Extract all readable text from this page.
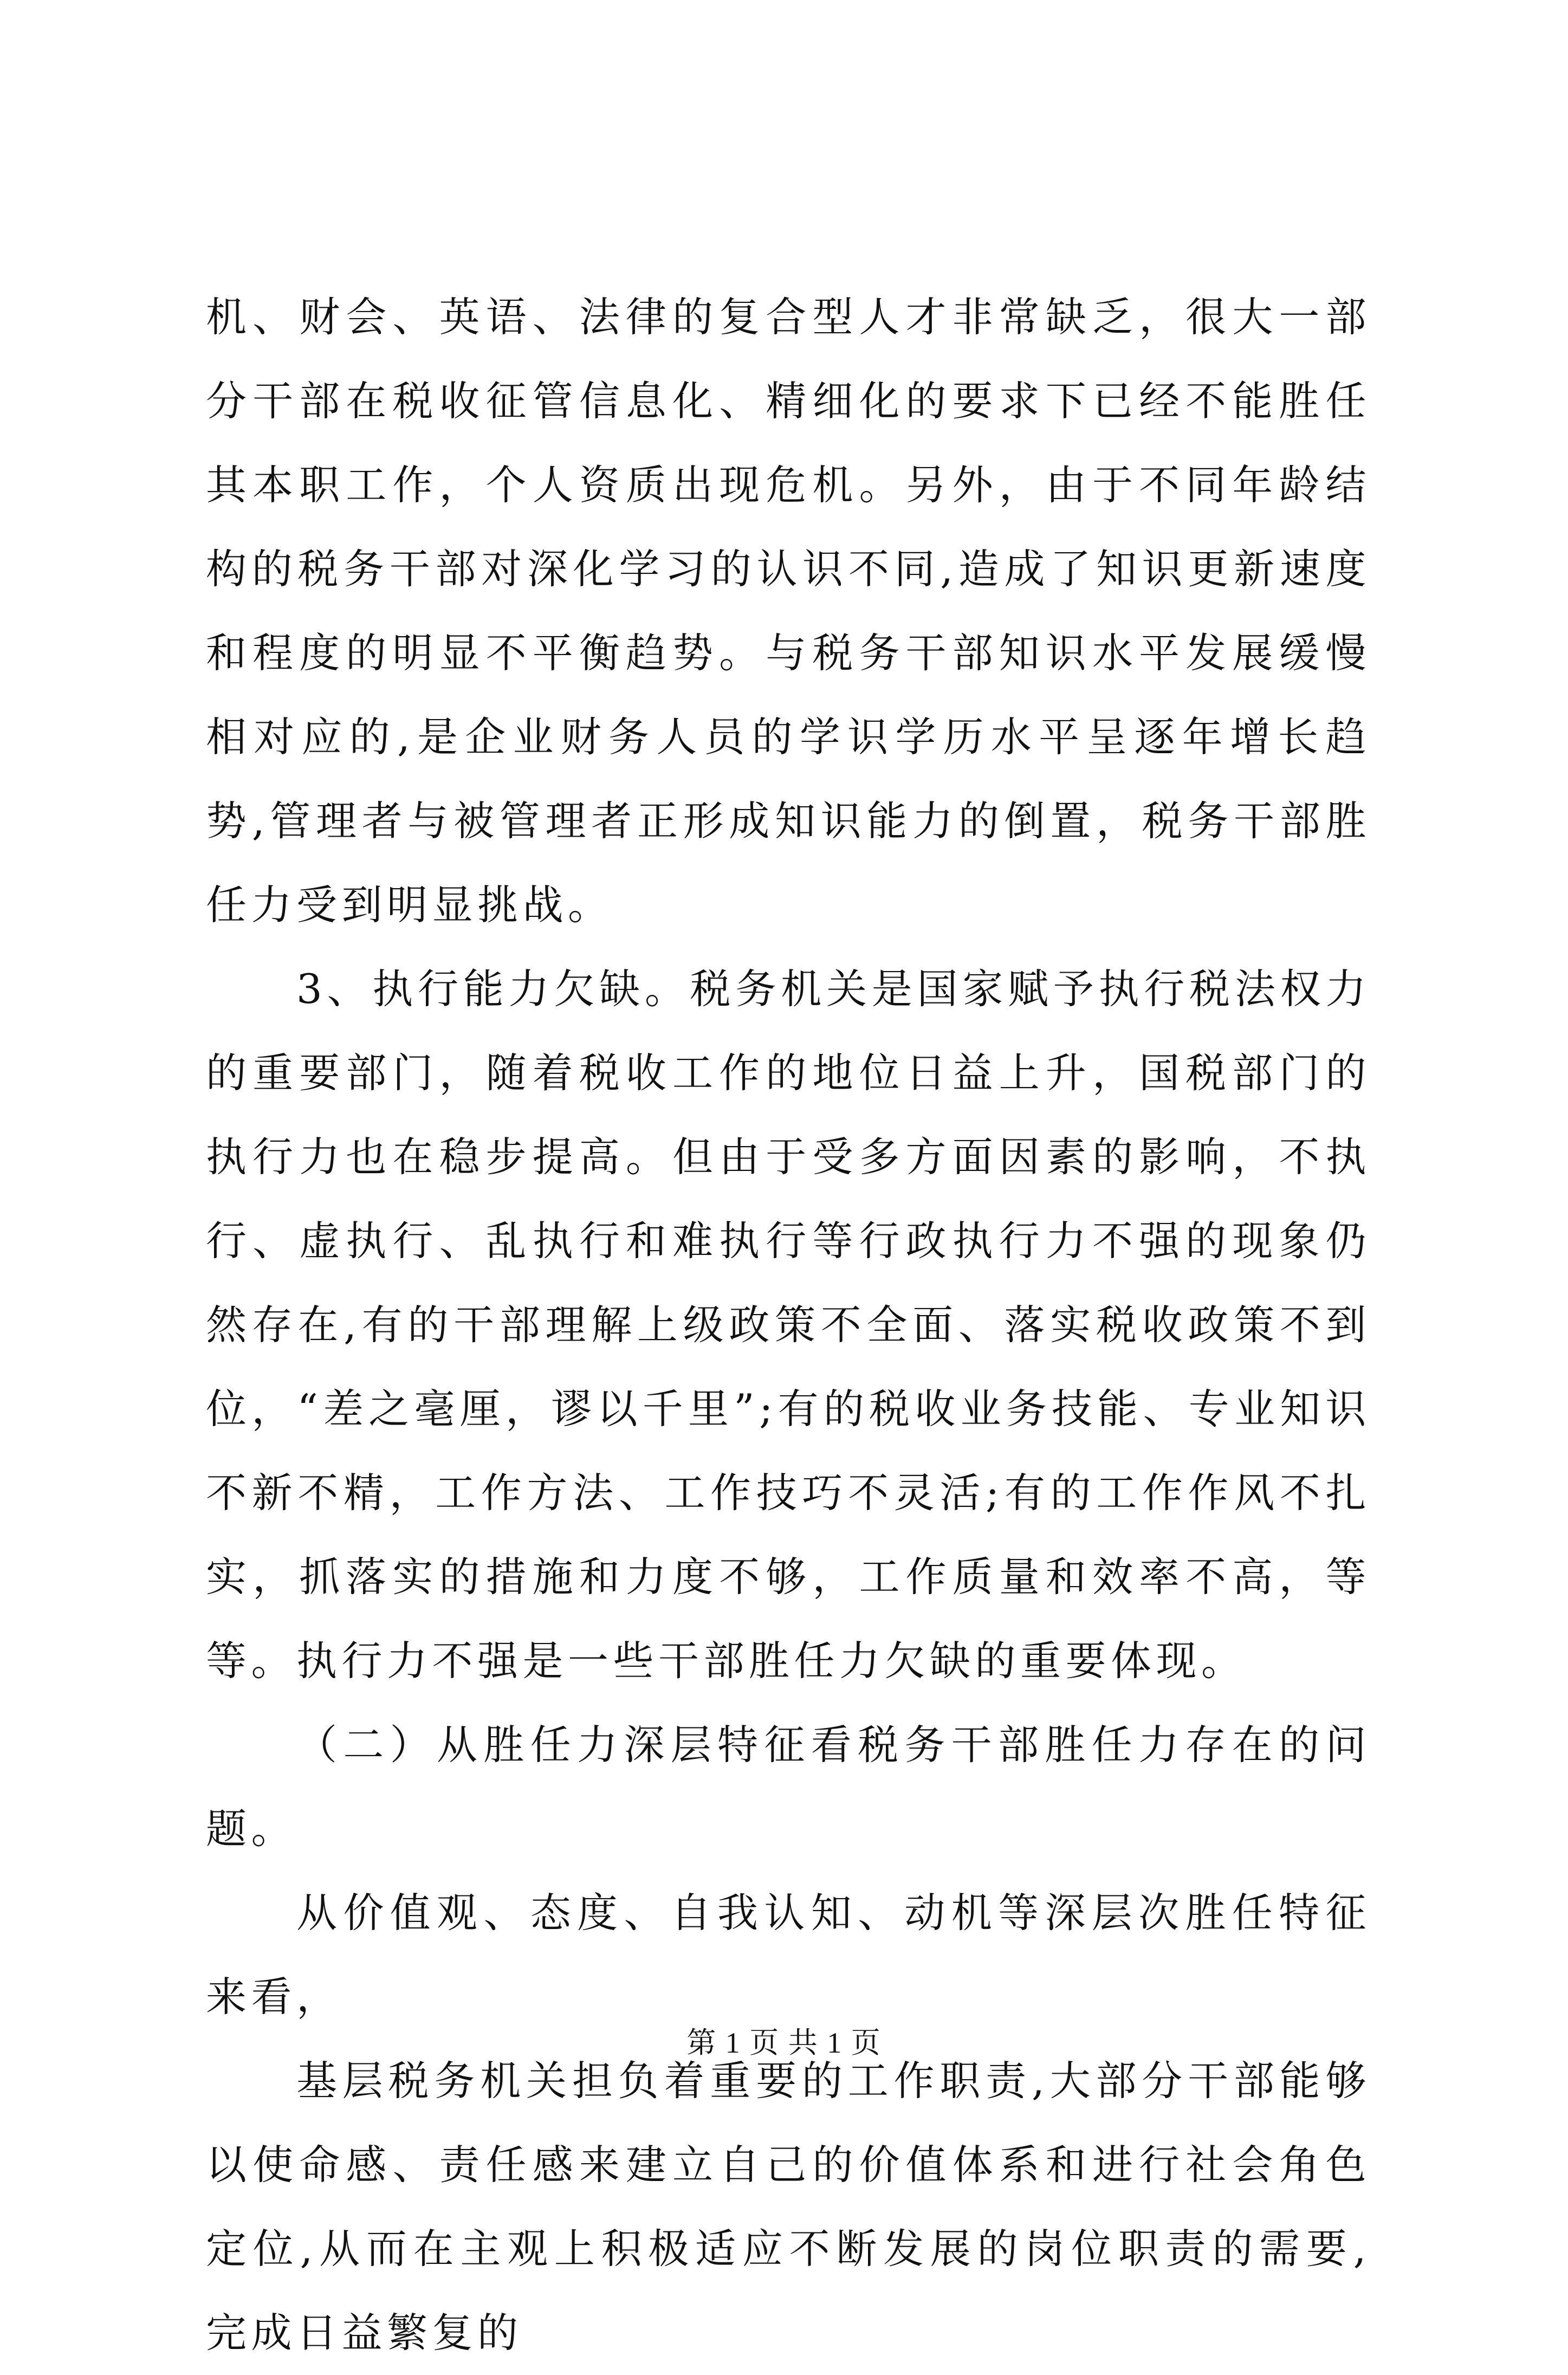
机、财会、英语、法律的复合型人才非常缺乏，很大一部分干部在税收征管信息化、精细化的要求下已经不能胜任其本职工作，个人资质出现危机。另外，由于不同年龄结构的税务干部对深化学习的认识不同,造成了知识更新速度和程度的明显不平衡趋势。与税务干部知识水平发展缓慢相对应的,是企业财务人员的学识学历水平呈逐年增长趋势,管理者与被管理者正形成知识能力的倒置，税务干部胜任力受到明显挑战。

3、执行能力欠缺。税务机关是国家赋予执行税法权力的重要部门，随着税收工作的地位日益上升，国税部门的执行力也在稳步提高。但由于受多方面因素的影响，不执行、虚执行、乱执行和难执行等行政执行力不强的现象仍然存在,有的干部理解上级政策不全面、落实税收政策不到位，“差之毫厘，谬以千里”;有的税收业务技能、专业知识不新不精，工作方法、工作技巧不灵活;有的工作作风不扎实，抓落实的措施和力度不够，工作质量和效率不高，等等。执行力不强是一些干部胜任力欠缺的重要体现。

（二）从胜任力深层特征看税务干部胜任力存在的问题。

从价值观、态度、自我认知、动机等深层次胜任特征来看，

基层税务机关担负着重要的工作职责,大部分干部能够以使命感、责任感来建立自己的价值体系和进行社会角色定位,从而在主观上积极适应不断发展的岗位职责的需要,完成日益繁复的

第 1 页 共 1 页
